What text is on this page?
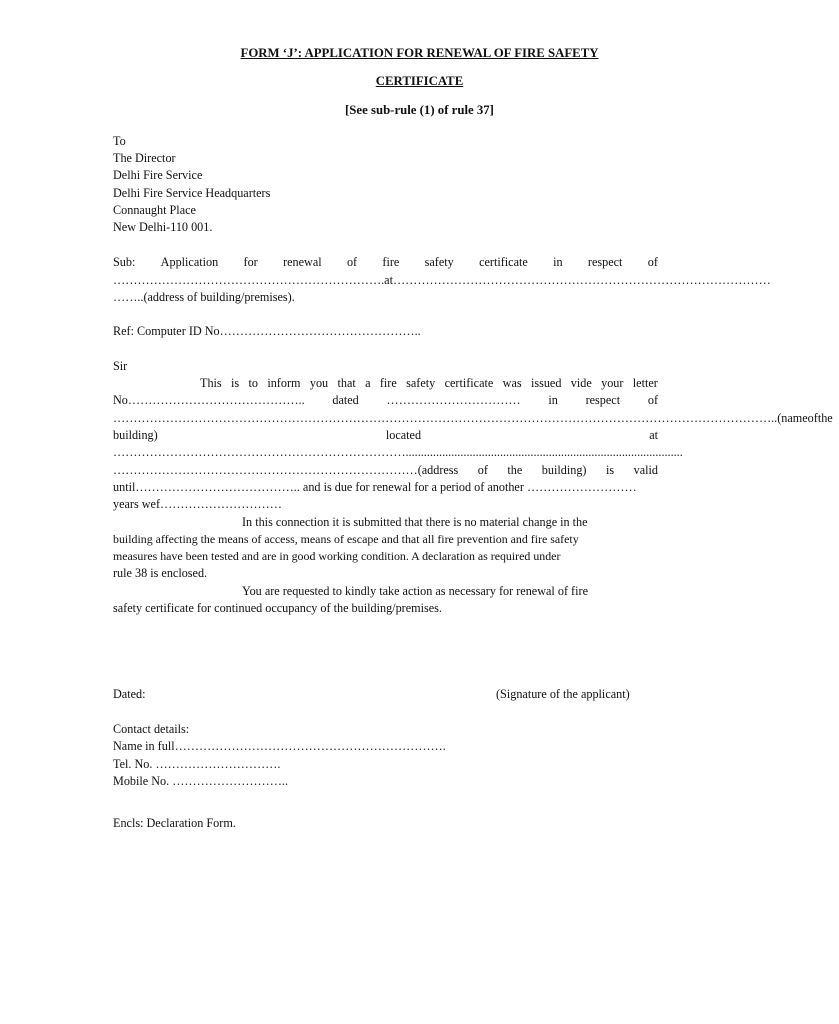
FORM ‘J’: APPLICATION FOR RENEWAL OF FIRE SAFETY
CERTIFICATE
[See sub-rule (1) of rule 37]
To
The Director
Delhi Fire Service
Delhi Fire Service Headquarters
Connaught Place
New Delhi-110 001.
Sub: Application for renewal of fire safety certificate in respect of
………………………………………………………….at…………………………………………………………………………………
……..(address of building/premises).
Ref: Computer ID No…………………………………………..
Sir
This is to inform you that a fire safety certificate was issued vide your letter
No…………………………………….. dated …………………………… in respect of
……………………………………………………………………………………………………………………………………………….. (name of the
building)	located	at
………………………………………………………………...........................................................................................
…………………………………………………………………(address of the building) is valid
until………………………………….. and is due for renewal for a period of another ………………………
years wef…………………………
In this connection it is submitted that there is no material change in the
building affecting the means of access, means of escape and that all fire prevention and fire safety
measures have been tested and are in good working condition. A declaration as required under
rule 38 is enclosed.
You are requested to kindly take action as necessary for renewal of fire
safety certificate for continued occupancy of the building/premises.
Dated:	(Signature of the applicant)
Contact details:
Name in full………………………………………………………….
Tel. No. ………………………….
Mobile No. ………………………..
Encls: Declaration Form.
